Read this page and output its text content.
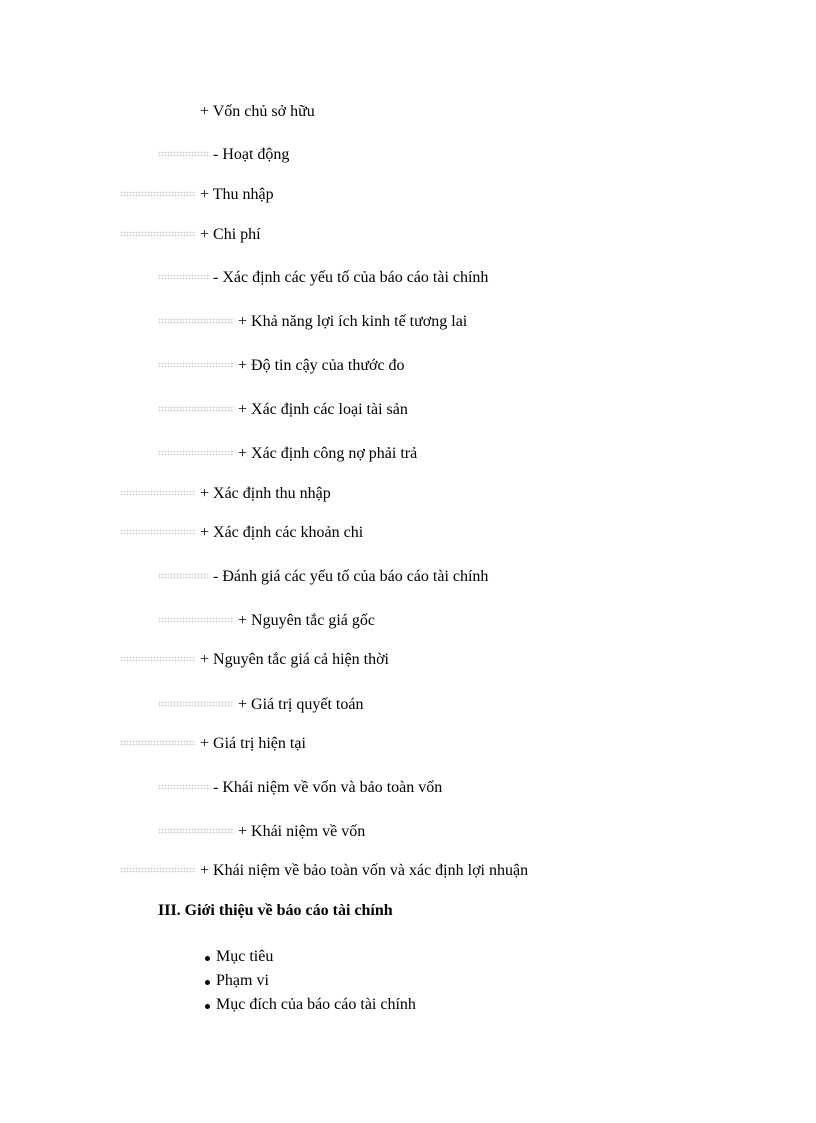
+ Vốn chủ sở hữu
- Hoạt động
+ Thu nhập
+ Chi phí
- Xác định các yếu tố của báo cáo tài chính
+ Khả năng lợi ích kinh tế tương lai
+ Độ tin cậy của thước đo
+ Xác định các loại tài sản
+ Xác định công nợ phải trả
+ Xác định thu nhập
+ Xác định các khoản chi
- Đánh giá các yếu tố của báo cáo tài chính
+ Nguyên tắc giá gốc
+ Nguyên tắc giá cả hiện thời
+ Giá trị quyết toán
+ Giá trị hiện tại
- Khái niệm về vốn và bảo toàn vốn
+ Khái niệm về vốn
+ Khái niệm về bảo toàn vốn và xác định lợi nhuận
III. Giới thiệu về báo cáo tài chính
Mục tiêu
Phạm vi
Mục đích của báo cáo tài chính
